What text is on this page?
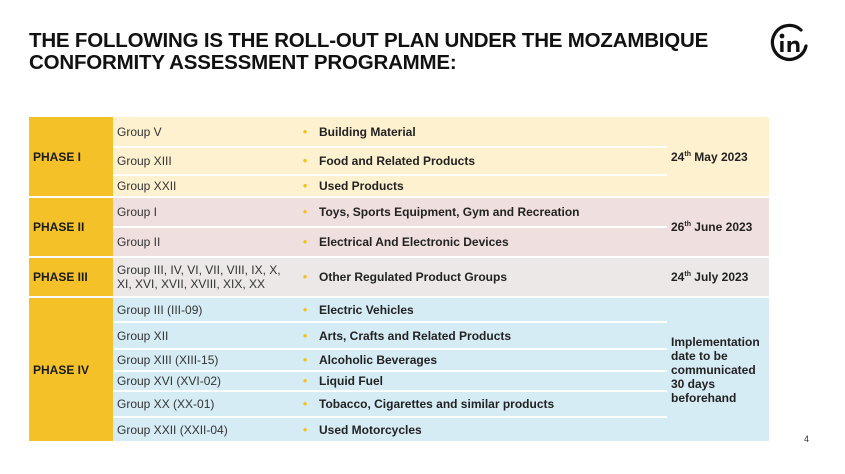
THE FOLLOWING IS THE ROLL-OUT PLAN UNDER THE MOZAMBIQUE
CONFORMITY ASSESSMENT PROGRAMME:
PHASE I	Group V	•	Building Material	24th May 2023
	Group XIII	•	Food and Related Products	
	Group XXII	•	Used Products	
PHASE II	Group I	•	Toys, Sports Equipment, Gym and Recreation	26th June 2023
	Group II	•	Electrical And Electronic Devices	
PHASE III	Group III, IV, VI, VII, VIII, IX, X, XI, XVI, XVII, XVIII, XIX, XX	•	Other Regulated Product Groups	24th July 2023
PHASE IV	Group III (III-09)	•	Electric Vehicles	Implementation date to be communicated 30 days beforehand
	Group XII	•	Arts, Crafts and Related Products	
	Group XIII (XIII-15)	•	Alcoholic Beverages	
	Group XVI (XVI-02)	•	Liquid Fuel	
	Group XX (XX-01)	•	Tobacco, Cigarettes and similar products	
	Group XXII (XXII-04)	•	Used Motorcycles	
4
